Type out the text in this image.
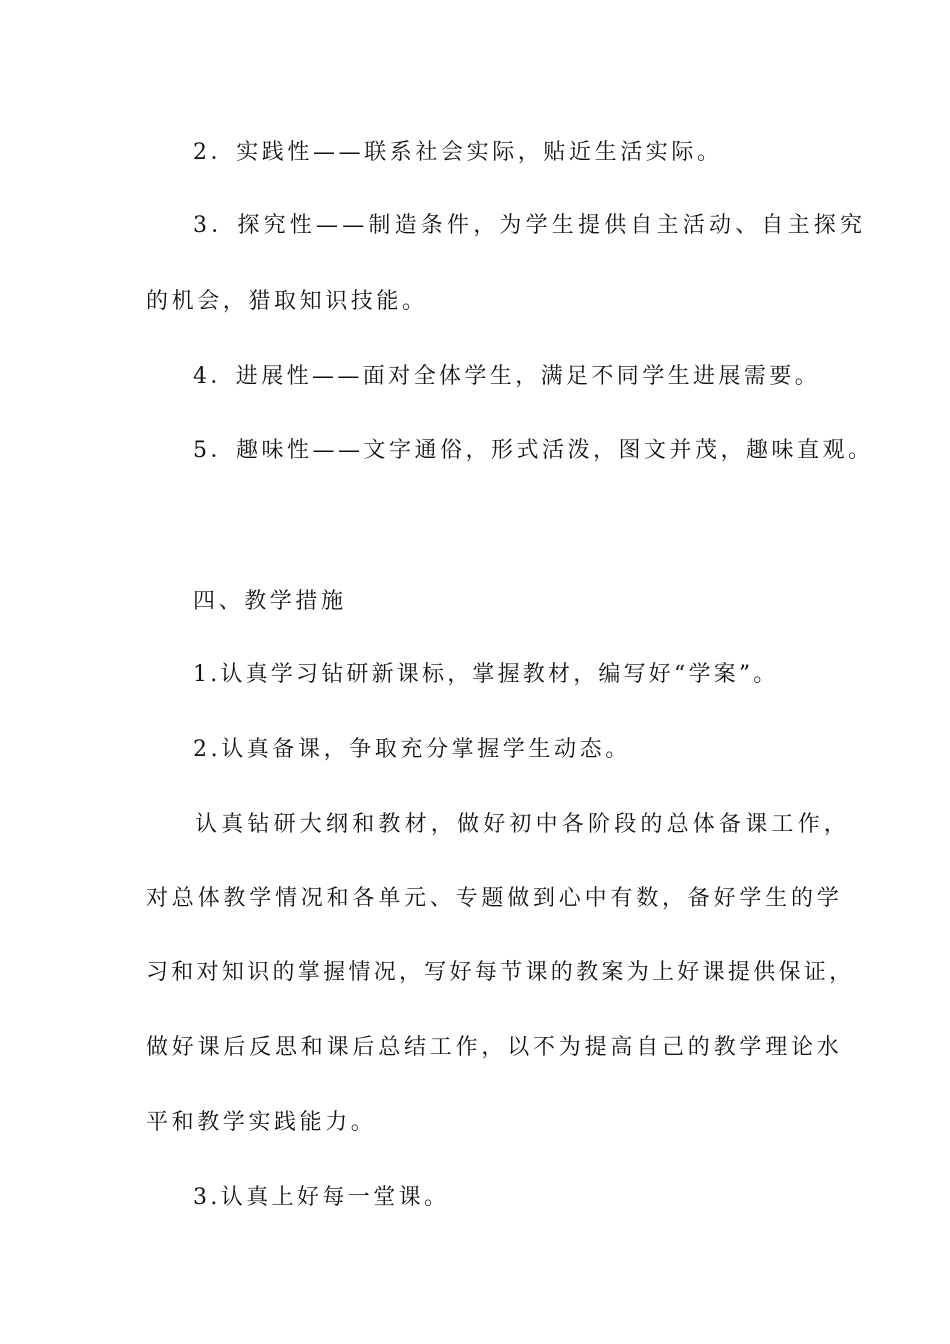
2．实践性——联系社会实际，贴近生活实际。
3．探究性——制造条件，为学生提供自主活动、自主探究
的机会，猎取知识技能。
4．进展性——面对全体学生，满足不同学生进展需要。
5．趣味性——文字通俗，形式活泼，图文并茂，趣味直观。
四、教学措施
1.认真学习钻研新课标，掌握教材，编写好“学案”。
2.认真备课，争取充分掌握学生动态。
认真钻研大纲和教材，做好初中各阶段的总体备课工作，
对总体教学情况和各单元、专题做到心中有数，备好学生的学
习和对知识的掌握情况，写好每节课的教案为上好课提供保证，
做好课后反思和课后总结工作，以不为提高自己的教学理论水
平和教学实践能力。
3.认真上好每一堂课。
